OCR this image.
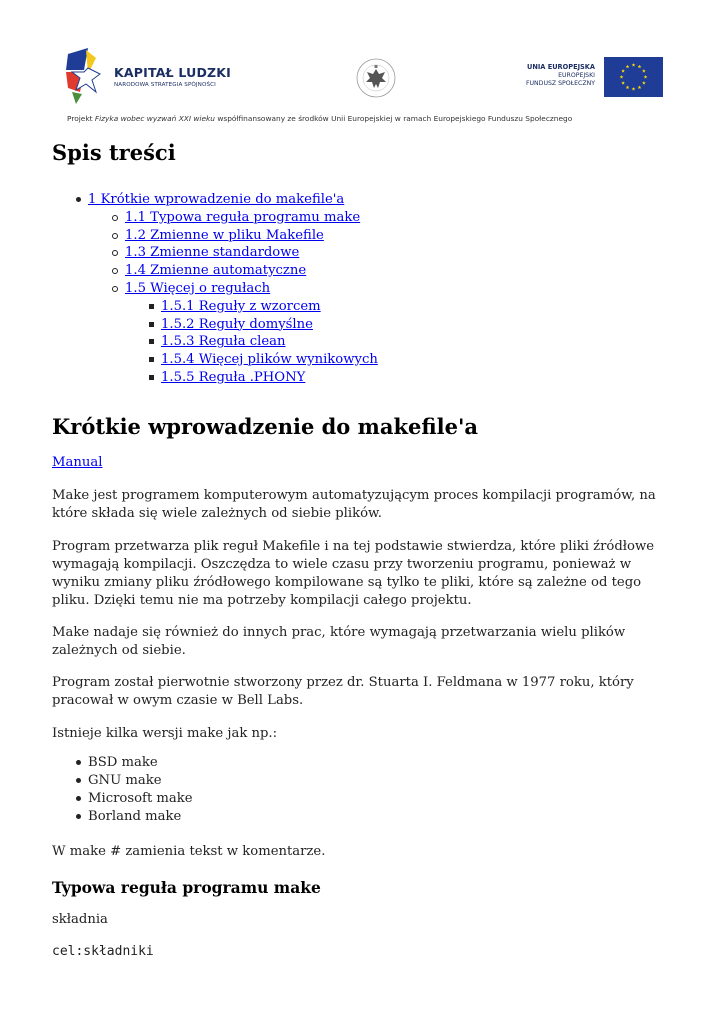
KAPITAŁ LUDZKI
NARODOWA STRATEGIA SPÓJNOŚCI
UNIA EUROPEJSKA
EUROPEJSKI
FUNDUSZ SPOŁECZNY
Projekt Fizyka wobec wyzwań XXI wieku współfinansowany ze środków Unii Europejskiej w ramach Europejskiego Funduszu Społecznego
Spis treści
1 Krótkie wprowadzenie do makefile'a
1.1 Typowa reguła programu make
1.2 Zmienne w pliku Makefile
1.3 Zmienne standardowe
1.4 Zmienne automatyczne
1.5 Więcej o regułach
1.5.1 Reguły z wzorcem
1.5.2 Reguły domyślne
1.5.3 Reguła clean
1.5.4 Więcej plików wynikowych
1.5.5 Reguła .PHONY
Krótkie wprowadzenie do makefile'a

Manual

Make jest programem komputerowym automatyzującym proces kompilacji programów, na które składa się wiele zależnych od siebie plików.

Program przetwarza plik reguł Makefile i na tej podstawie stwierdza, które pliki źródłowe wymagają kompilacji. Oszczędza to wiele czasu przy tworzeniu programu, ponieważ w wyniku zmiany pliku źródłowego kompilowane są tylko te pliki, które są zależne od tego pliku. Dzięki temu nie ma potrzeby kompilacji całego projektu.

Make nadaje się również do innych prac, które wymagają przetwarzania wielu plików zależnych od siebie.

Program został pierwotnie stworzony przez dr. Stuarta I. Feldmana w 1977 roku, który pracował w owym czasie w Bell Labs.

Istnieje kilka wersji make jak np.:

BSD make
GNU make
Microsoft make
Borland make

W make # zamienia tekst w komentarze.

Typowa reguła programu make

składnia

cel:składniki
